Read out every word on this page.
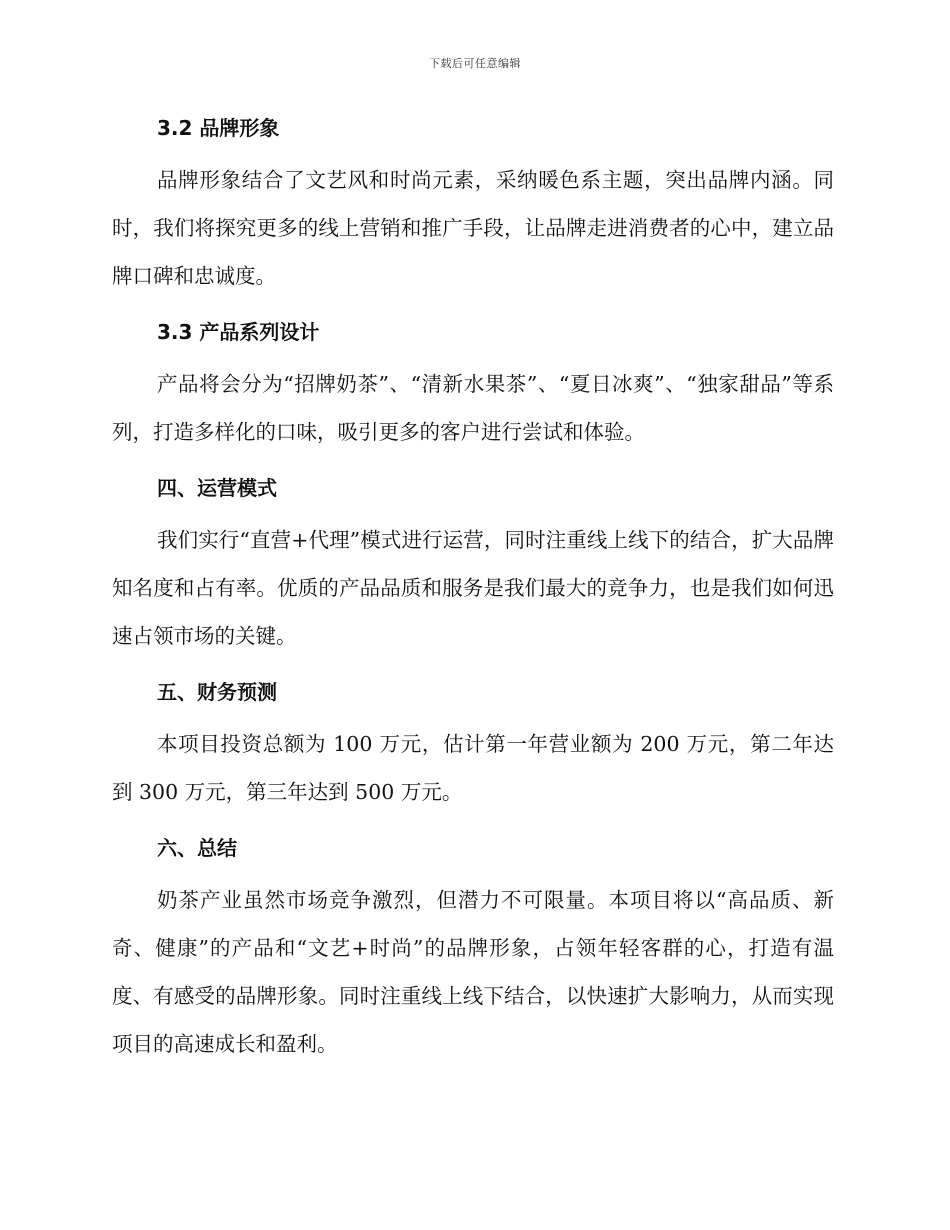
下载后可任意编辑
3.2 品牌形象

品牌形象结合了文艺风和时尚元素，采纳暖色系主题，突出品牌内涵。同时，我们将探究更多的线上营销和推广手段，让品牌走进消费者的心中，建立品牌口碑和忠诚度。

3.3 产品系列设计

产品将会分为“招牌奶茶”、“清新水果茶”、“夏日冰爽”、“独家甜品”等系列，打造多样化的口味，吸引更多的客户进行尝试和体验。

四、运营模式

我们实行“直营+代理”模式进行运营，同时注重线上线下的结合，扩大品牌知名度和占有率。优质的产品品质和服务是我们最大的竞争力，也是我们如何迅速占领市场的关键。

五、财务预测

本项目投资总额为 100 万元，估计第一年营业额为 200 万元，第二年达到 300 万元，第三年达到 500 万元。

六、总结

奶茶产业虽然市场竞争激烈，但潜力不可限量。本项目将以“高品质、新奇、健康”的产品和“文艺+时尚”的品牌形象，占领年轻客群的心，打造有温度、有感受的品牌形象。同时注重线上线下结合，以快速扩大影响力，从而实现项目的高速成长和盈利。
